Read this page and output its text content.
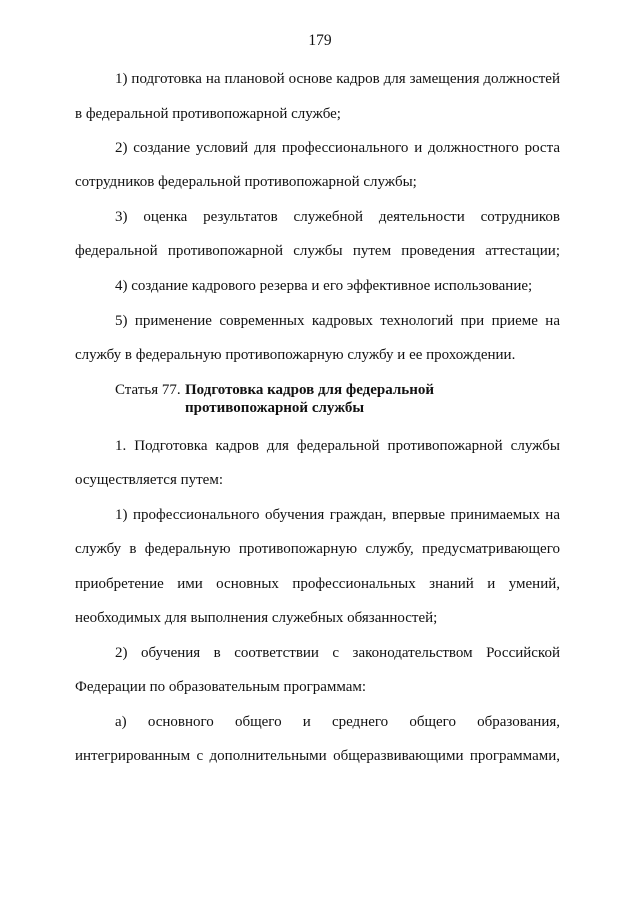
179
1) подготовка на плановой основе кадров для замещения должностей
в федеральной противопожарной службе;
2) создание условий для профессионального и должностного роста
сотрудников федеральной противопожарной службы;
3) оценка результатов служебной деятельности сотрудников
федеральной противопожарной службы путем проведения аттестации;
4) создание кадрового резерва и его эффективное использование;
5) применение современных кадровых технологий при приеме на
службу в федеральную противопожарную службу и ее прохождении.
Статья 77. Подготовка кадров для федеральной
противопожарной службы
1. Подготовка кадров для федеральной противопожарной службы
осуществляется путем:
1) профессионального обучения граждан, впервые принимаемых на
службу в федеральную противопожарную службу, предусматривающего
приобретение ими основных профессиональных знаний и умений,
необходимых для выполнения служебных обязанностей;
2) обучения в соответствии с законодательством Российской
Федерации по образовательным программам:
а) основного общего и среднего общего образования,
интегрированным с дополнительными общеразвивающими программами,
